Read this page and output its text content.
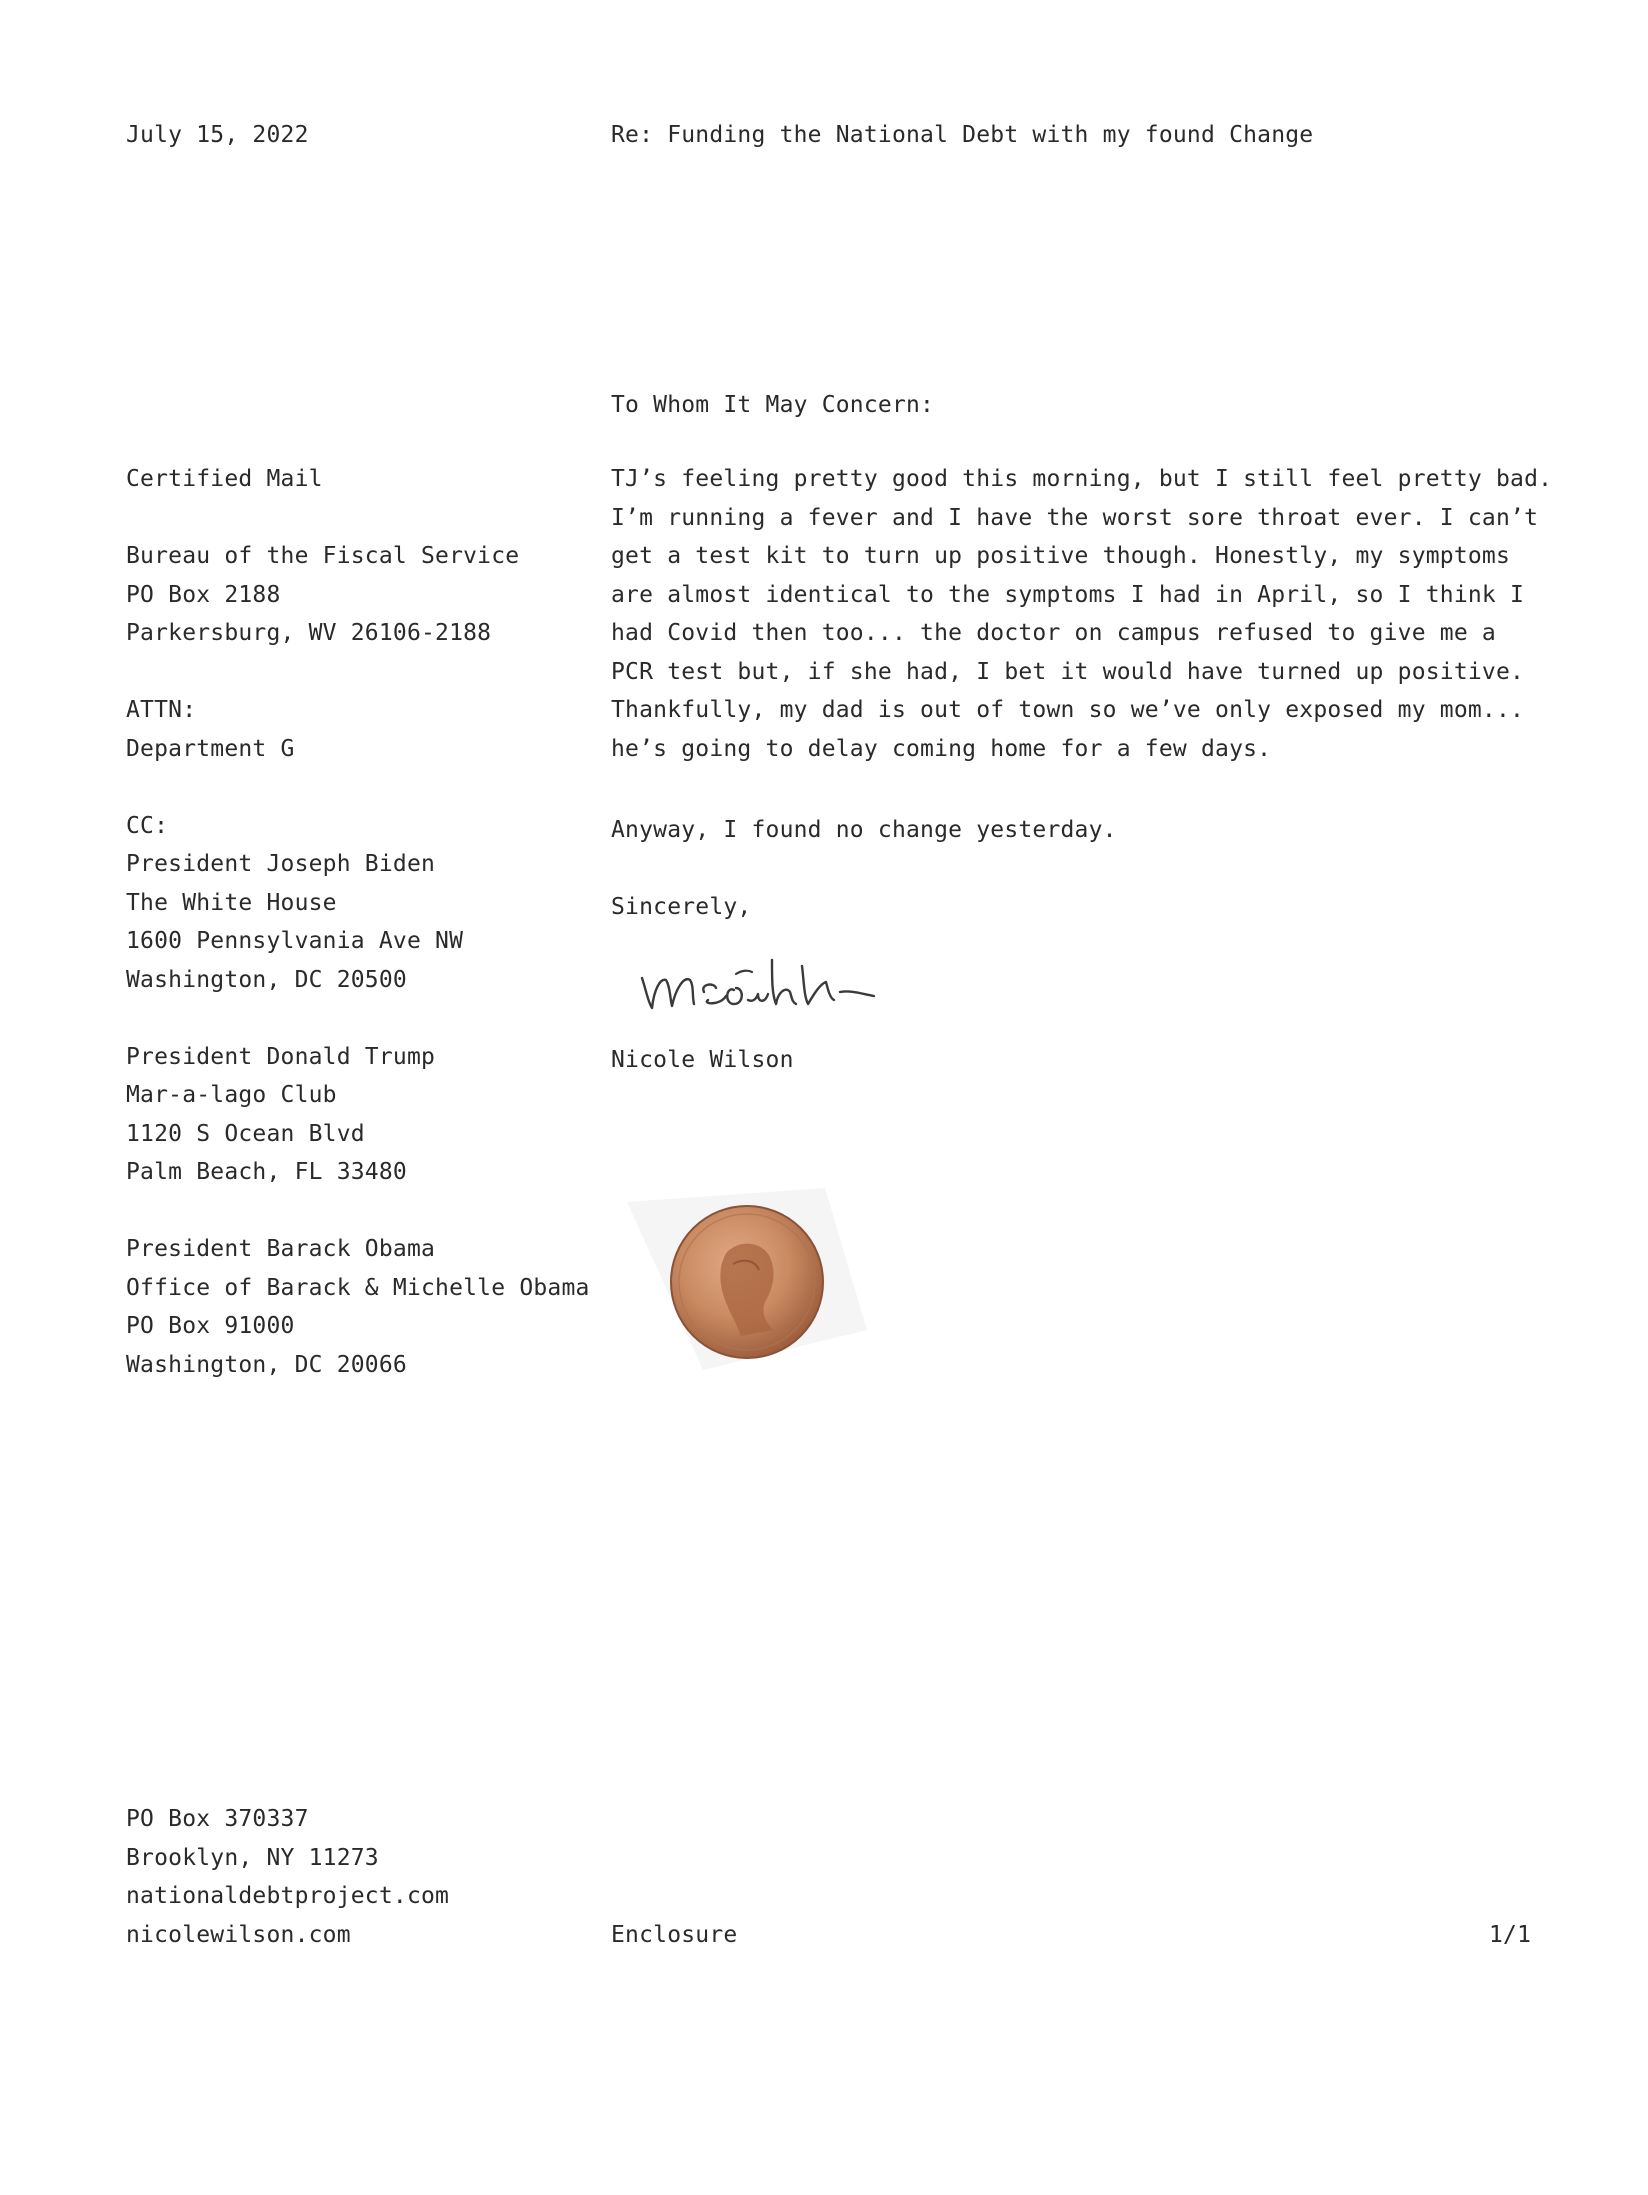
July 15, 2022	Re: Funding the National Debt with my found Change
Certified Mail
Bureau of the Fiscal Service
PO Box 2188
Parkersburg, WV 26106-2188
ATTN:
Department G
CC:
President Joseph Biden
The White House
1600 Pennsylvania Ave NW
Washington, DC 20500
President Donald Trump
Mar-a-lago Club
1120 S Ocean Blvd
Palm Beach, FL 33480
President Barack Obama
Office of Barack & Michelle Obama
PO Box 91000
Washington, DC 20066
To Whom It May Concern:
TJ’s feeling pretty good this morning, but I still feel pretty bad.
I’m running a fever and I have the worst sore throat ever. I can’t
get a test kit to turn up positive though. Honestly, my symptoms
are almost identical to the symptoms I had in April, so I think I
had Covid then too... the doctor on campus refused to give me a
PCR test but, if she had, I bet it would have turned up positive.
Thankfully, my dad is out of town so we’ve only exposed my mom...
he’s going to delay coming home for a few days.
Anyway, I found no change yesterday.
Sincerely,
Nicole Wilson
PO Box 370337
Brooklyn, NY 11273
nationaldebtproject.com
nicolewilson.com	Enclosure	1/1
